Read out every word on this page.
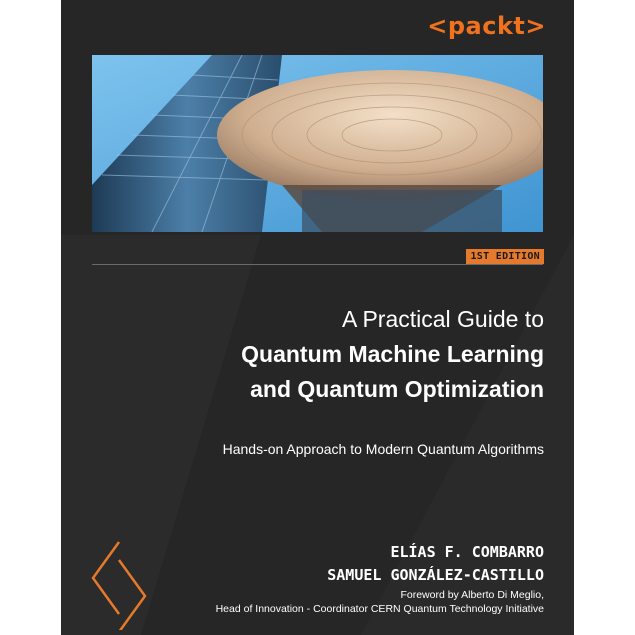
<packt>
1ST EDITION
A Practical Guide to
Quantum Machine Learning
and Quantum Optimization
Hands-on Approach to Modern Quantum Algorithms
ELÍAS F. COMBARRO
SAMUEL GONZÁLEZ-CASTILLO
Foreword by Alberto Di Meglio,
Head of Innovation - Coordinator CERN Quantum Technology Initiative
